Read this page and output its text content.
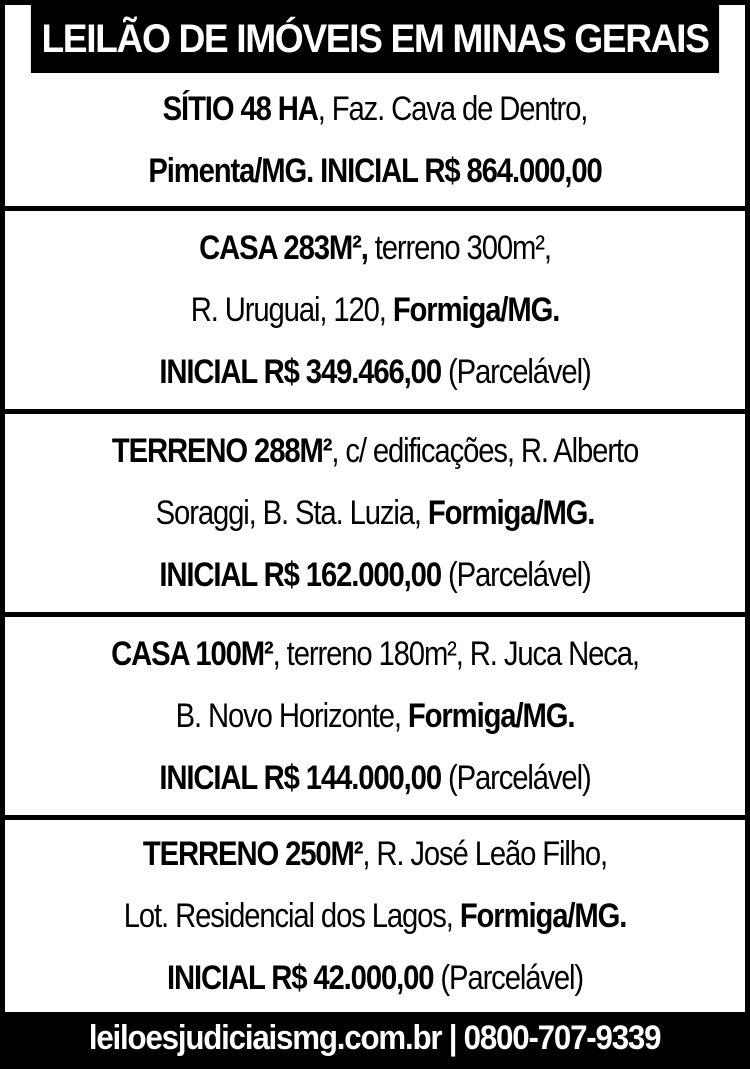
LEILÃO DE IMÓVEIS EM MINAS GERAIS
SÍTIO 48 HA, Faz. Cava de Dentro,
Pimenta/MG. INICIAL R$ 864.000,00
CASA 283M², terreno 300m²,
R. Uruguai, 120, Formiga/MG.
INICIAL R$ 349.466,00 (Parcelável)
TERRENO 288M², c/ edificações, R. Alberto
Soraggi, B. Sta. Luzia, Formiga/MG.
INICIAL R$ 162.000,00 (Parcelável)
CASA 100M², terreno 180m², R. Juca Neca,
B. Novo Horizonte, Formiga/MG.
INICIAL R$ 144.000,00 (Parcelável)
TERRENO 250M², R. José Leão Filho,
Lot. Residencial dos Lagos, Formiga/MG.
INICIAL R$ 42.000,00 (Parcelável)
leiloesjudiciaismg.com.br | 0800-707-9339
